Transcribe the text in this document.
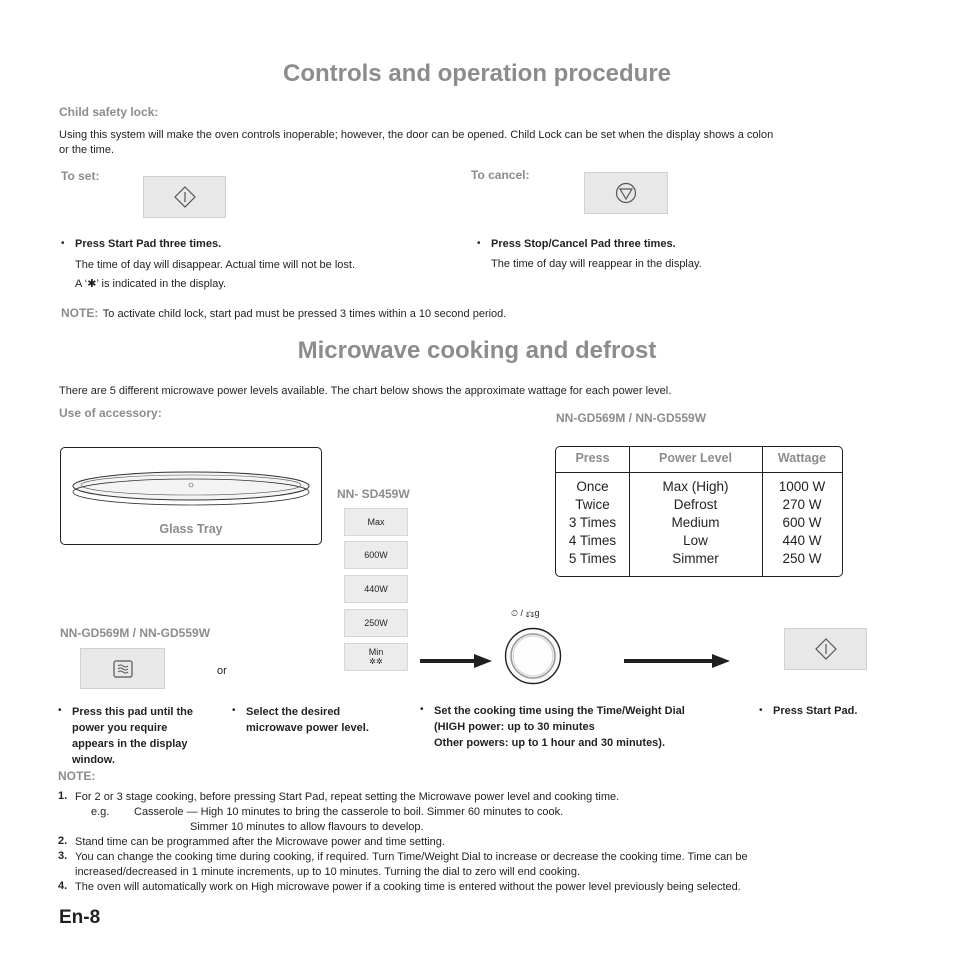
Controls and operation procedure
Child safety lock:
Using this system will make the oven controls inoperable; however, the door can be opened. Child Lock can be set when the display shows a colon
or the time.
To set:	To cancel:
• Press Start Pad three times.
The time of day will disappear. Actual time will not be lost.
A ‘✱’ is indicated in the display.
• Press Stop/Cancel Pad three times.
The time of day will reappear in the display.
NOTE: To activate child lock, start pad must be pressed 3 times within a 10 second period.
Microwave cooking and defrost
There are 5 different microwave power levels available. The chart below shows the approximate wattage for each power level.
Use of accessory:	NN-GD569M / NN-GD559W
Glass Tray
Press
Once
Twice
3 Times
4 Times
5 Times
Power Level
Max (High)
Defrost
Medium
Low
Simmer
Wattage
1000 W
270 W
600 W
440 W
250 W
NN- SD459W
Max
600W
440W
250W
Min
✲✲
NN-GD569M / NN-GD559W
or
⏲ / ⚖g
• Press this pad until the
power you require
appears in the display
window.
• Select the desired
microwave power level.
• Set the cooking time using the Time/Weight Dial
(HIGH power: up to 30 minutes
Other powers: up to 1 hour and 30 minutes).
• Press Start Pad.
NOTE:
1. For 2 or 3 stage cooking, before pressing Start Pad, repeat setting the Microwave power level and cooking time.
e.g. Casserole — High 10 minutes to bring the casserole to boil. Simmer 60 minutes to cook.
Simmer 10 minutes to allow flavours to develop.
2. Stand time can be programmed after the Microwave power and time setting.
3. You can change the cooking time during cooking, if required. Turn Time/Weight Dial to increase or decrease the cooking time. Time can be
increased/decreased in 1 minute increments, up to 10 minutes. Turning the dial to zero will end cooking.
4. The oven will automatically work on High microwave power if a cooking time is entered without the power level previously being selected.
En-8
